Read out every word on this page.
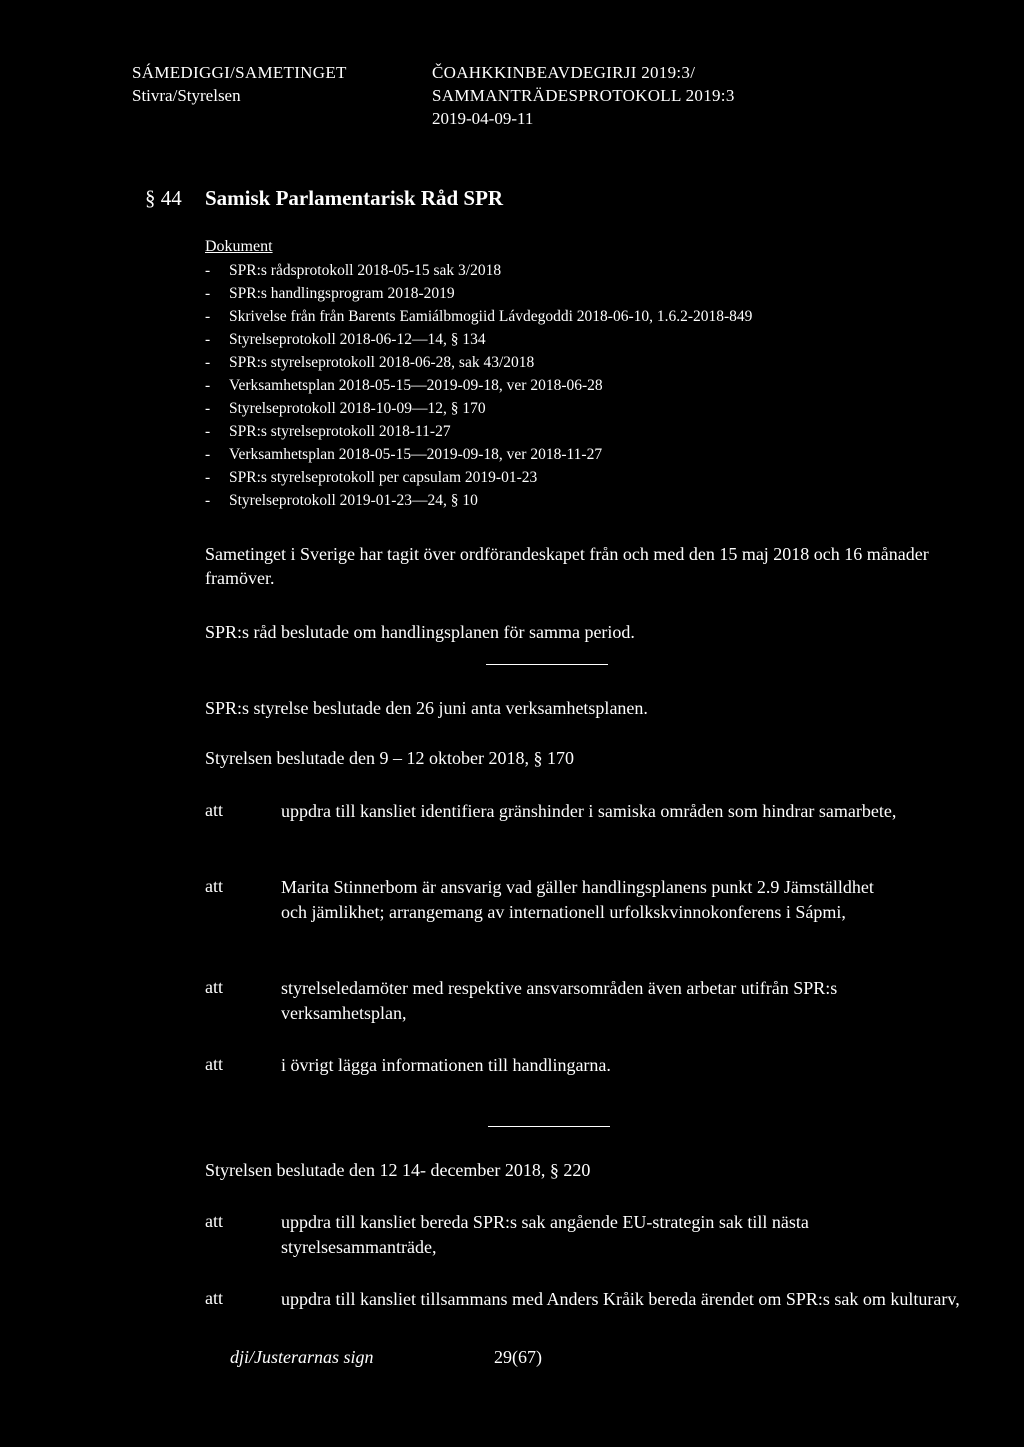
SÁMEDIGGI/SAMETINGET
Stivra/Styrelsen
ČOAHKKINBEAVDEGIRJI 2019:3/
SAMMANTRÄDESPROTOKOLL 2019:3
2019-04-09-11
§ 44 Samisk Parlamentarisk Råd SPR
Dokument
- SPR:s rådsprotokoll 2018-05-15 sak 3/2018
- SPR:s handlingsprogram 2018-2019
- Skrivelse från från Barents Eamiálbmogiid Lávdegoddi 2018-06-10, 1.6.2-2018-849
- Styrelseprotokoll 2018-06-12—14, § 134
- SPR:s styrelseprotokoll 2018-06-28, sak 43/2018
- Verksamhetsplan 2018-05-15—2019-09-18, ver 2018-06-28
- Styrelseprotokoll 2018-10-09—12, § 170
- SPR:s styrelseprotokoll 2018-11-27
- Verksamhetsplan 2018-05-15—2019-09-18, ver 2018-11-27
- SPR:s styrelseprotokoll per capsulam 2019-01-23
- Styrelseprotokoll 2019-01-23—24, § 10
Sametinget i Sverige har tagit över ordförandeskapet från och med den 15 maj 2018 och 16 månader framöver.
SPR:s råd beslutade om handlingsplanen för samma period.
SPR:s styrelse beslutade den 26 juni anta verksamhetsplanen.
Styrelsen beslutade den 9 – 12 oktober 2018, § 170
att	uppdra till kansliet identifiera gränshinder i samiska områden som hindrar samarbete,
att	Marita Stinnerbom är ansvarig vad gäller handlingsplanens punkt 2.9 Jämställdhet och jämlikhet; arrangemang av internationell urfolkskvinnokonferens i Sápmi,
att	styrelseledamöter med respektive ansvarsområden även arbetar utifrån SPR:s verksamhetsplan,
att	i övrigt lägga informationen till handlingarna.
Styrelsen beslutade den 12 14- december 2018, § 220
att	uppdra till kansliet bereda SPR:s sak angående EU-strategin sak till nästa styrelsesammanträde,
att	uppdra till kansliet tillsammans med Anders Kråik bereda ärendet om SPR:s sak om kulturarv,
dji/Justerarnas sign	29(67)
